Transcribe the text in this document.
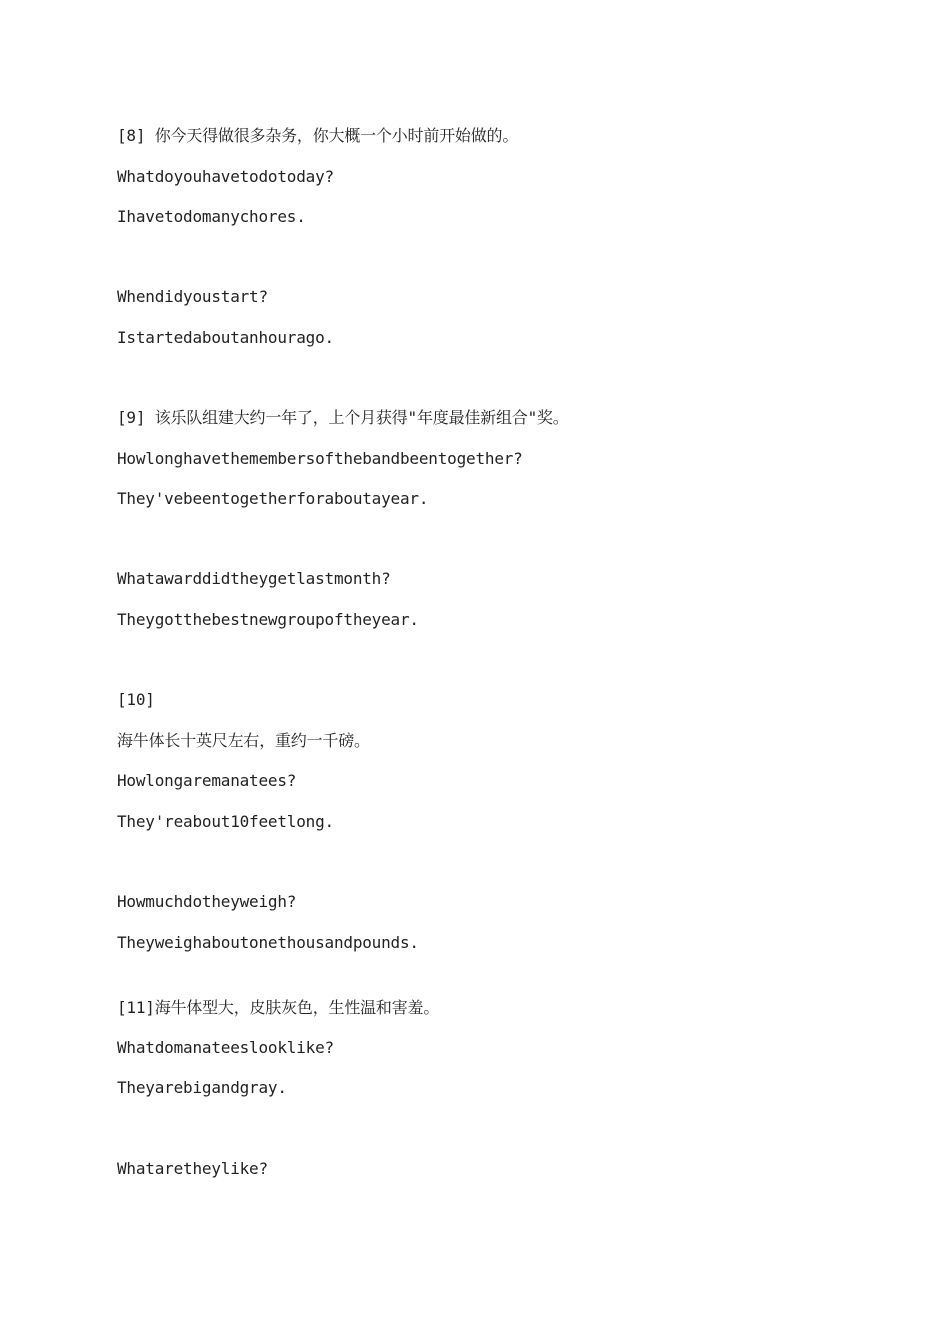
[8] 你今天得做很多杂务，你大概一个小时前开始做的。
Whatdoyouhavetodotoday?
Ihavetodomanychores.
Whendidyoustart?
Istartedaboutanhourago.
[9] 该乐队组建大约一年了，上个月获得"年度最佳新组合"奖。
Howlonghavethemembersofthebandbeentogether?
They'vebeentogetherforaboutayear.
Whatawarddidtheygetlastmonth?
Theygotthebestnewgroupoftheyear.
[10]
海牛体长十英尺左右，重约一千磅。
Howlongaremanatees?
They'reabout10feetlong.
Howmuchdotheyweigh?
Theyweighaboutonethousandpounds.
[11]海牛体型大，皮肤灰色，生性温和害羞。
Whatdomanateeslooklike?
Theyarebigandgray.
Whataretheylike?
